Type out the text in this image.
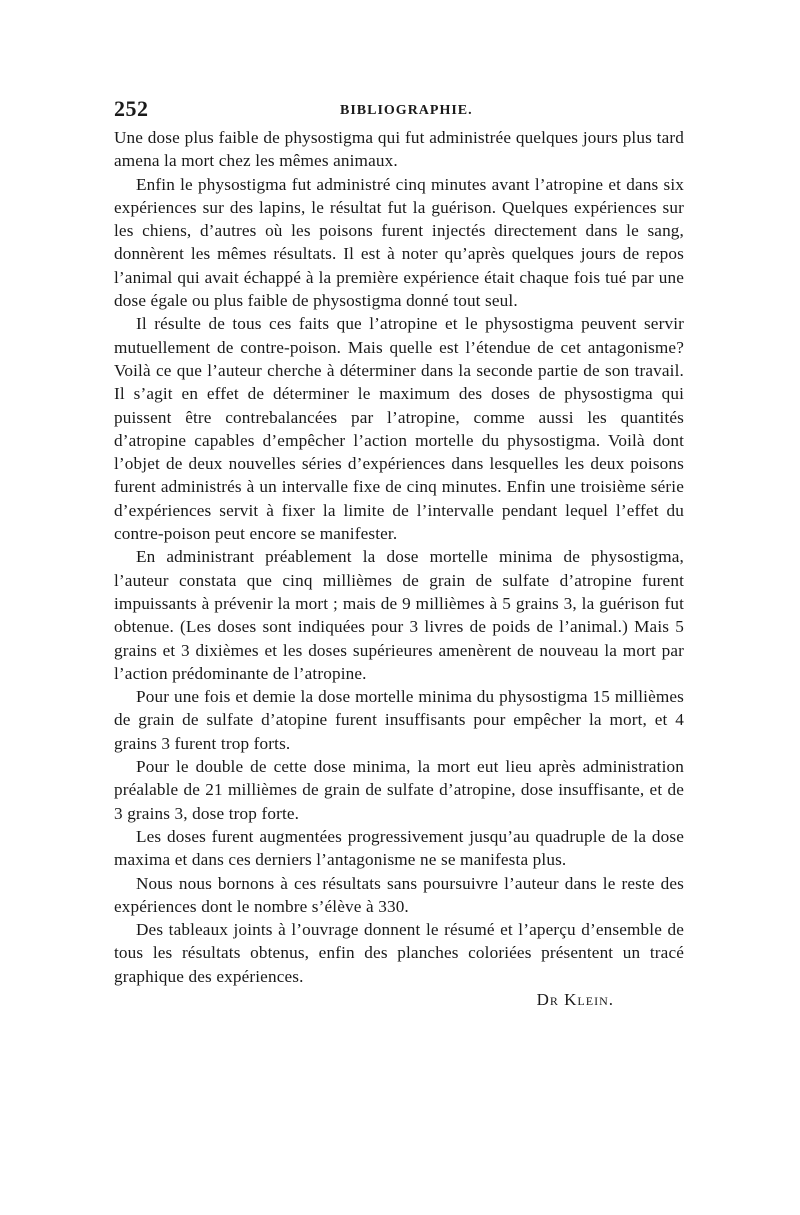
252	BIBLIOGRAPHIE.

Une dose plus faible de physostigma qui fut administrée quelques jours plus tard amena la mort chez les mêmes animaux.

Enfin le physostigma fut administré cinq minutes avant l’atropine et dans six expériences sur des lapins, le résultat fut la guérison. Quelques expériences sur les chiens, d’autres où les poisons furent injectés directement dans le sang, donnèrent les mêmes résultats. Il est à noter qu’après quelques jours de repos l’animal qui avait échappé à la première expérience était chaque fois tué par une dose égale ou plus faible de physostigma donné tout seul.

Il résulte de tous ces faits que l’atropine et le physostigma peuvent servir mutuellement de contre-poison. Mais quelle est l’étendue de cet antagonisme? Voilà ce que l’auteur cherche à déterminer dans la seconde partie de son travail. Il s’agit en effet de déterminer le maximum des doses de physostigma qui puissent être contrebalancées par l’atropine, comme aussi les quantités d’atropine capables d’empêcher l’action mortelle du physostigma. Voilà dont l’objet de deux nouvelles séries d’expériences dans lesquelles les deux poisons furent administrés à un intervalle fixe de cinq minutes. Enfin une troisième série d’expériences servit à fixer la limite de l’intervalle pendant lequel l’effet du contre-poison peut encore se manifester.

En administrant préablement la dose mortelle minima de physostigma, l’auteur constata que cinq millièmes de grain de sulfate d’atropine furent impuissants à prévenir la mort ; mais de 9 millièmes à 5 grains 3, la guérison fut obtenue. (Les doses sont indiquées pour 3 livres de poids de l’animal.) Mais 5 grains et 3 dixièmes et les doses supérieures amenèrent de nouveau la mort par l’action prédominante de l’atropine.

Pour une fois et demie la dose mortelle minima du physostigma 15 millièmes de grain de sulfate d’atopine furent insuffisants pour empêcher la mort, et 4 grains 3 furent trop forts.

Pour le double de cette dose minima, la mort eut lieu après administration préalable de 21 millièmes de grain de sulfate d’atropine, dose insuffisante, et de 3 grains 3, dose trop forte.

Les doses furent augmentées progressivement jusqu’au quadruple de la dose maxima et dans ces derniers l’antagonisme ne se manifesta plus.

Nous nous bornons à ces résultats sans poursuivre l’auteur dans le reste des expériences dont le nombre s’élève à 330.

Des tableaux joints à l’ouvrage donnent le résumé et l’aperçu d’ensemble de tous les résultats obtenus, enfin des planches coloriées présentent un tracé graphique des expériences.

Dr Klein.
